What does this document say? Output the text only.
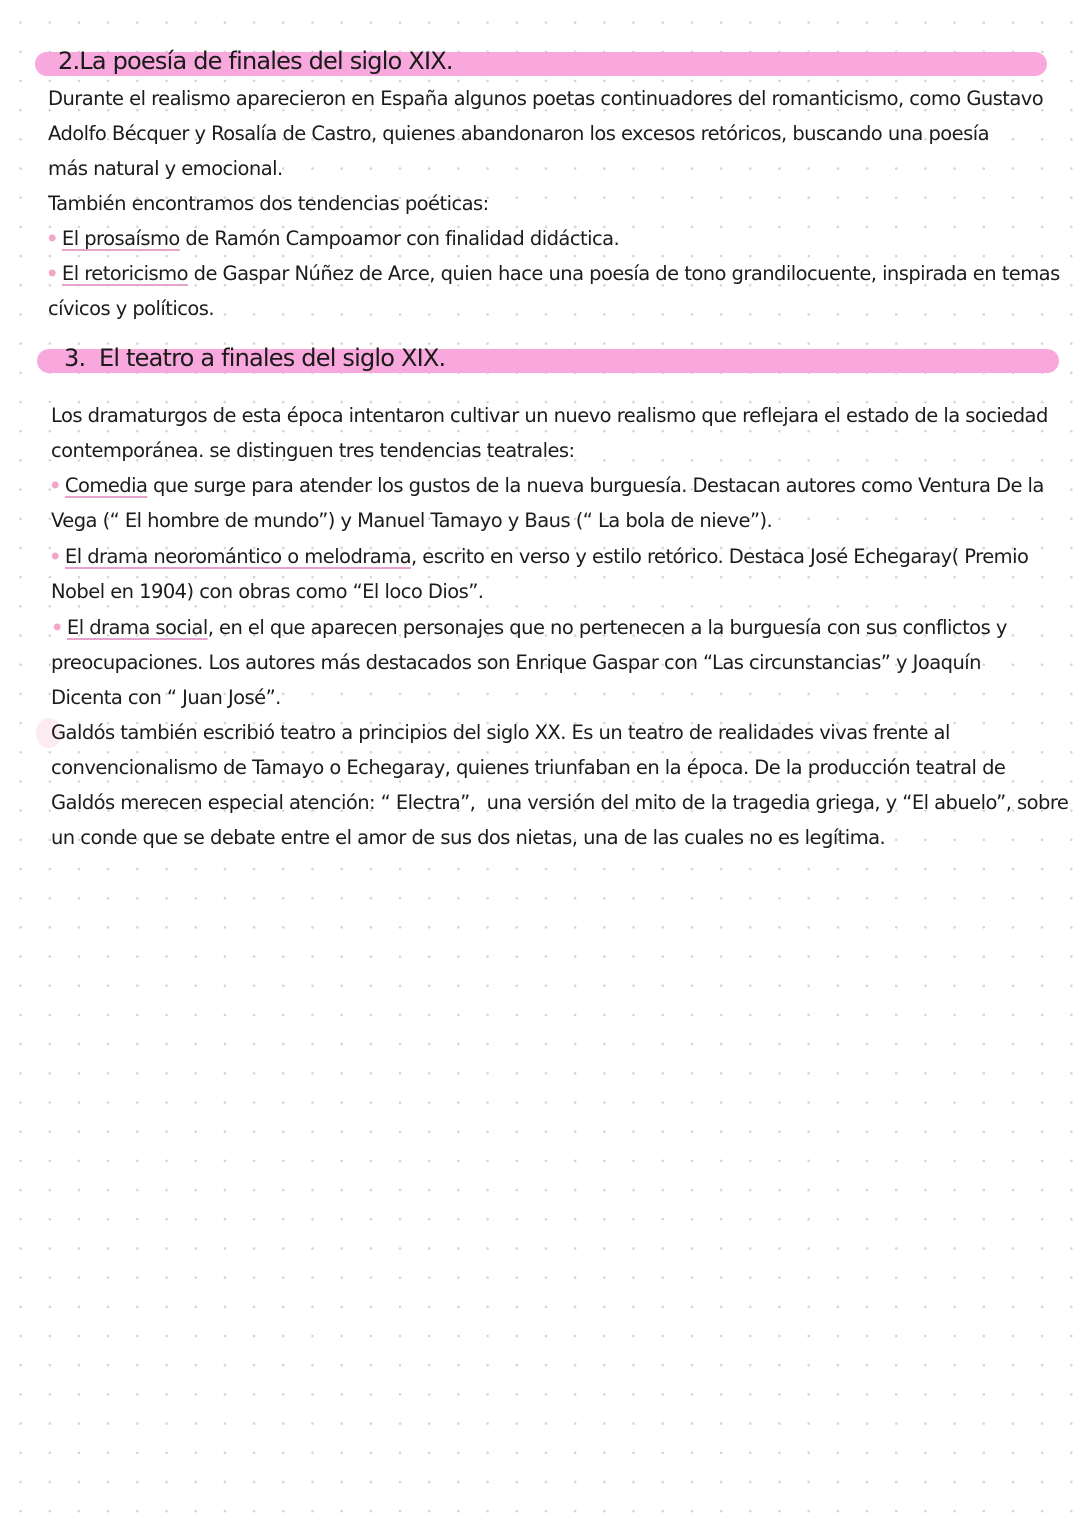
2.La poesía de finales del siglo XIX.
Durante el realismo aparecieron en España algunos poetas continuadores del romanticismo, como Gustavo
Adolfo Bécquer y Rosalía de Castro, quienes abandonaron los excesos retóricos, buscando una poesía
más natural y emocional.
También encontramos dos tendencias poéticas:
• El prosaísmo de Ramón Campoamor con finalidad didáctica.
• El retoricismo de Gaspar Núñez de Arce, quien hace una poesía de tono grandilocuente, inspirada en temas
cívicos y políticos.
3.  El teatro a finales del siglo XIX.
Los dramaturgos de esta época intentaron cultivar un nuevo realismo que reflejara el estado de la sociedad
contemporánea. se distinguen tres tendencias teatrales:
• Comedia que surge para atender los gustos de la nueva burguesía. Destacan autores como Ventura De la
Vega (“ El hombre de mundo”) y Manuel Tamayo y Baus (“ La bola de nieve”).
• El drama neoromántico o melodrama, escrito en verso y estilo retórico. Destaca José Echegaray( Premio
Nobel en 1904) con obras como “El loco Dios”.
• El drama social, en el que aparecen personajes que no pertenecen a la burguesía con sus conflictos y
preocupaciones. Los autores más destacados son Enrique Gaspar con “Las circunstancias” y Joaquín
Dicenta con “ Juan José”.
Galdós también escribió teatro a principios del siglo XX. Es un teatro de realidades vivas frente al
convencionalismo de Tamayo o Echegaray, quienes triunfaban en la época. De la producción teatral de
Galdós merecen especial atención: “ Electra”,  una versión del mito de la tragedia griega, y “El abuelo”, sobre
un conde que se debate entre el amor de sus dos nietas, una de las cuales no es legítima.
